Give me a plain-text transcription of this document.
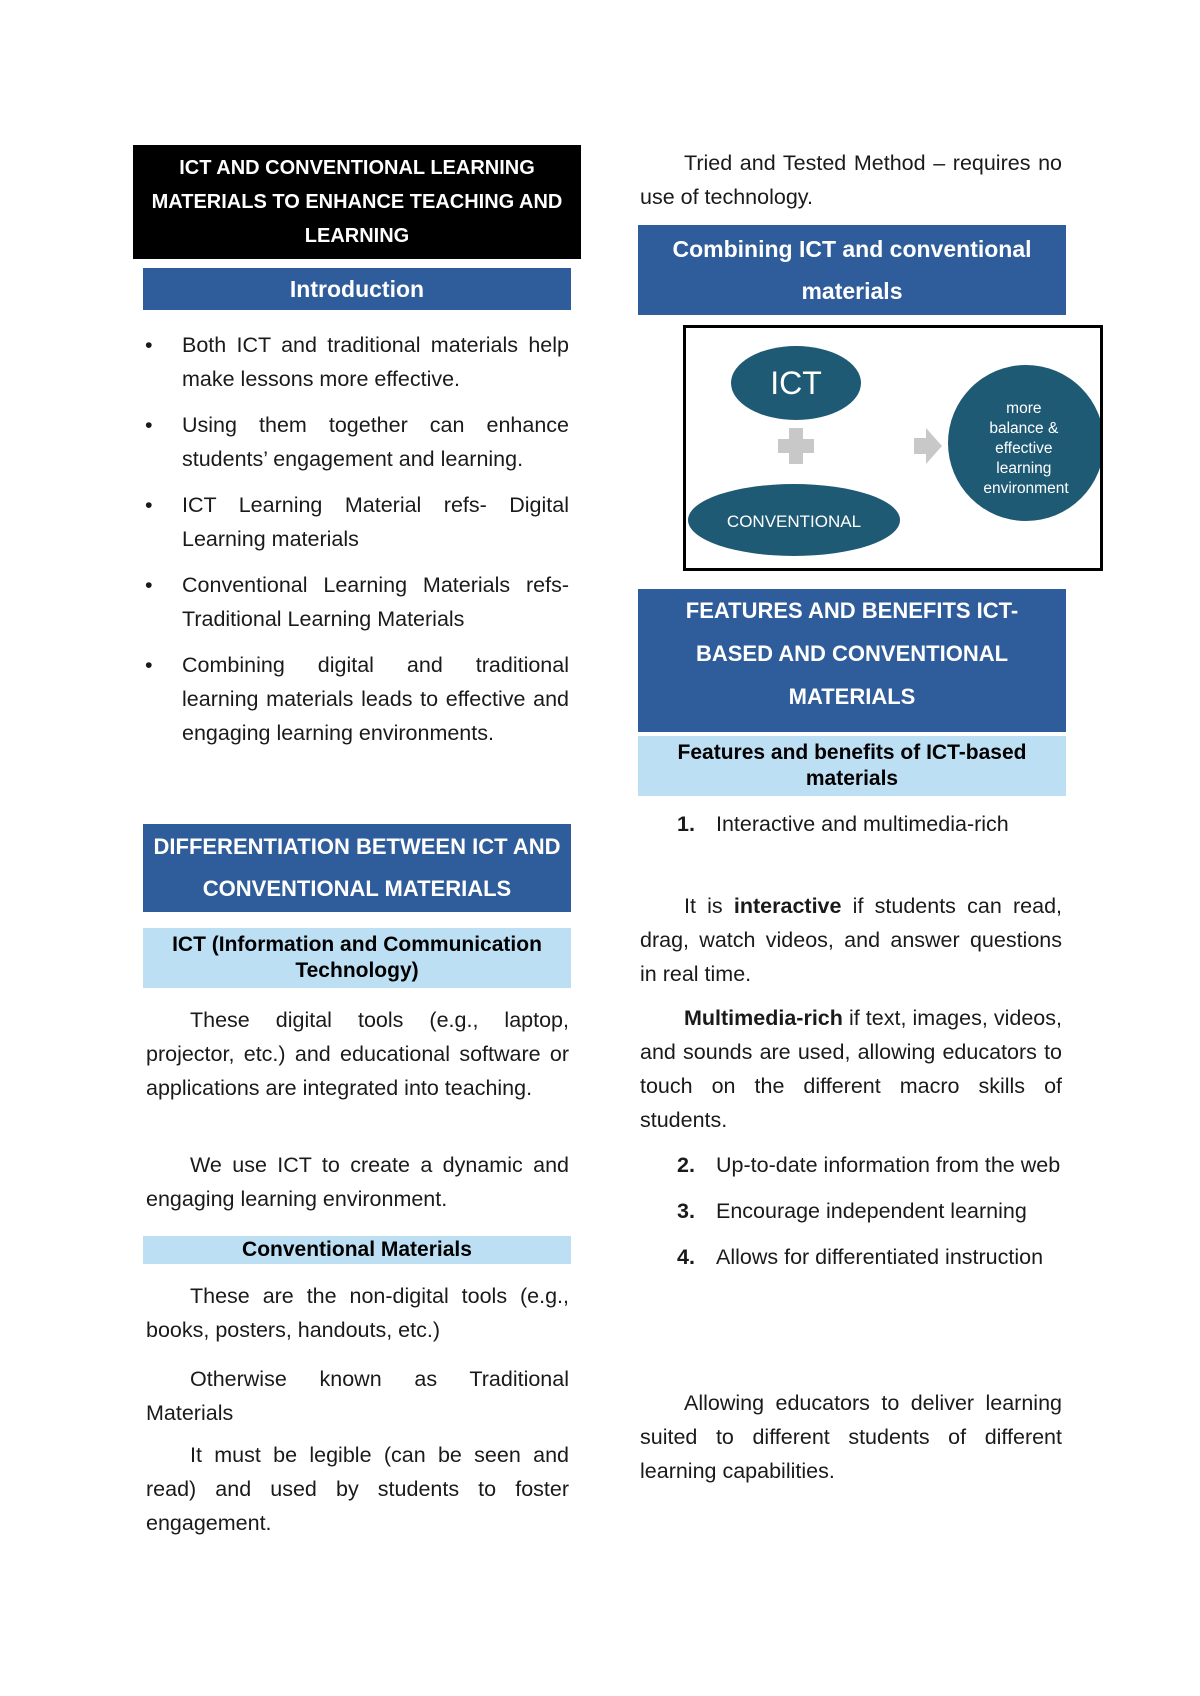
ICT AND CONVENTIONAL LEARNING MATERIALS TO ENHANCE TEACHING AND LEARNING
Introduction
• Both ICT and traditional materials help make lessons more effective.
• Using them together can enhance students’ engagement and learning.
• ICT Learning Material refs- Digital Learning materials
• Conventional Learning Materials refs- Traditional Learning Materials
• Combining digital and traditional learning materials leads to effective and engaging learning environments.
DIFFERENTIATION BETWEEN ICT AND CONVENTIONAL MATERIALS
ICT (Information and Communication Technology)
These digital tools (e.g., laptop, projector, etc.) and educational software or applications are integrated into teaching.
We use ICT to create a dynamic and engaging learning environment.
Conventional Materials
These are the non-digital tools (e.g., books, posters, handouts, etc.)
Otherwise known as Traditional Materials
It must be legible (can be seen and read) and used by students to foster engagement.
Tried and Tested Method – requires no use of technology.
Combining ICT and conventional materials
ICT
CONVENTIONAL
more balance & effective learning environment
FEATURES AND BENEFITS ICT-BASED AND CONVENTIONAL MATERIALS
Features and benefits of ICT-based materials
1. Interactive and multimedia-rich
It is interactive if students can read, drag, watch videos, and answer questions in real time.
Multimedia-rich if text, images, videos, and sounds are used, allowing educators to touch on the different macro skills of students.
2. Up-to-date information from the web
3. Encourage independent learning
4. Allows for differentiated instruction
Allowing educators to deliver learning suited to different students of different learning capabilities.
